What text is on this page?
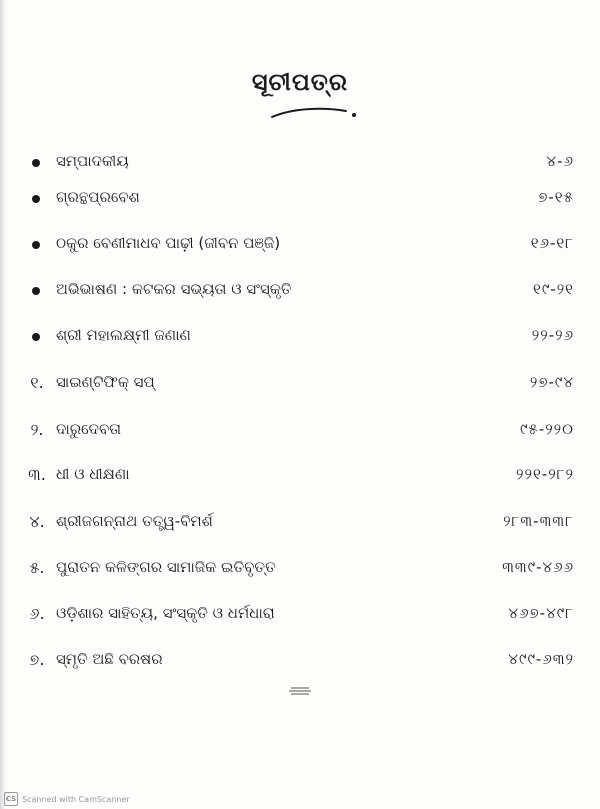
ସୂଚୀପତ୍ର
ସମ୍ପାଦକୀୟ	୪-୬
ଗ୍ରନ୍ଥପ୍ରବେଶ	୭-୧୫
ଠକୁର ବେଣୀମାଧବ ପାଢ଼ୀ (ଜୀବନ ପଞ୍ଜି)	୧୬-୧୮
ଅଭିଭାଷଣ : କଟକର ସଭ୍ୟତା ଓ ସଂସ୍କୃତି	୧୯-୨୧
ଶ୍ରୀ ମହାଲକ୍ଷ୍ମୀ ଜଣାଣ	୨୨-୨୬
୧. ସାଇଣ୍ଟିଫିକ୍ ସପ୍	୨୭-୯୪
୨. ଦାରୁଦେବତା	୯୫-୨୨୦
୩. ଧୀ ଓ ଧୀକ୍ଷଣା	୨୨୧-୨୮୨
୪. ଶ୍ରୀଜଗନ୍ନାଥ ତତ୍ତ୍ୱ-ବିମର୍ଶ	୨୮୩-୩୩୮
୫. ପୁରାତନ କଳିଙ୍ଗର ସାମାଜିକ ଇତିବୃତ୍ତ	୩୩୯-୪୬୬
୬. ଓଡ଼ିଶାର ସାହିତ୍ୟ, ସଂସ୍କୃତି ଓ ଧର୍ମଧାରା	୪୬୭-୪୯୮
୭. ସ୍ମୃତି ଅଛି ବରଷର	୪୯୯-୬୩୨
CS Scanned with CamScanner
